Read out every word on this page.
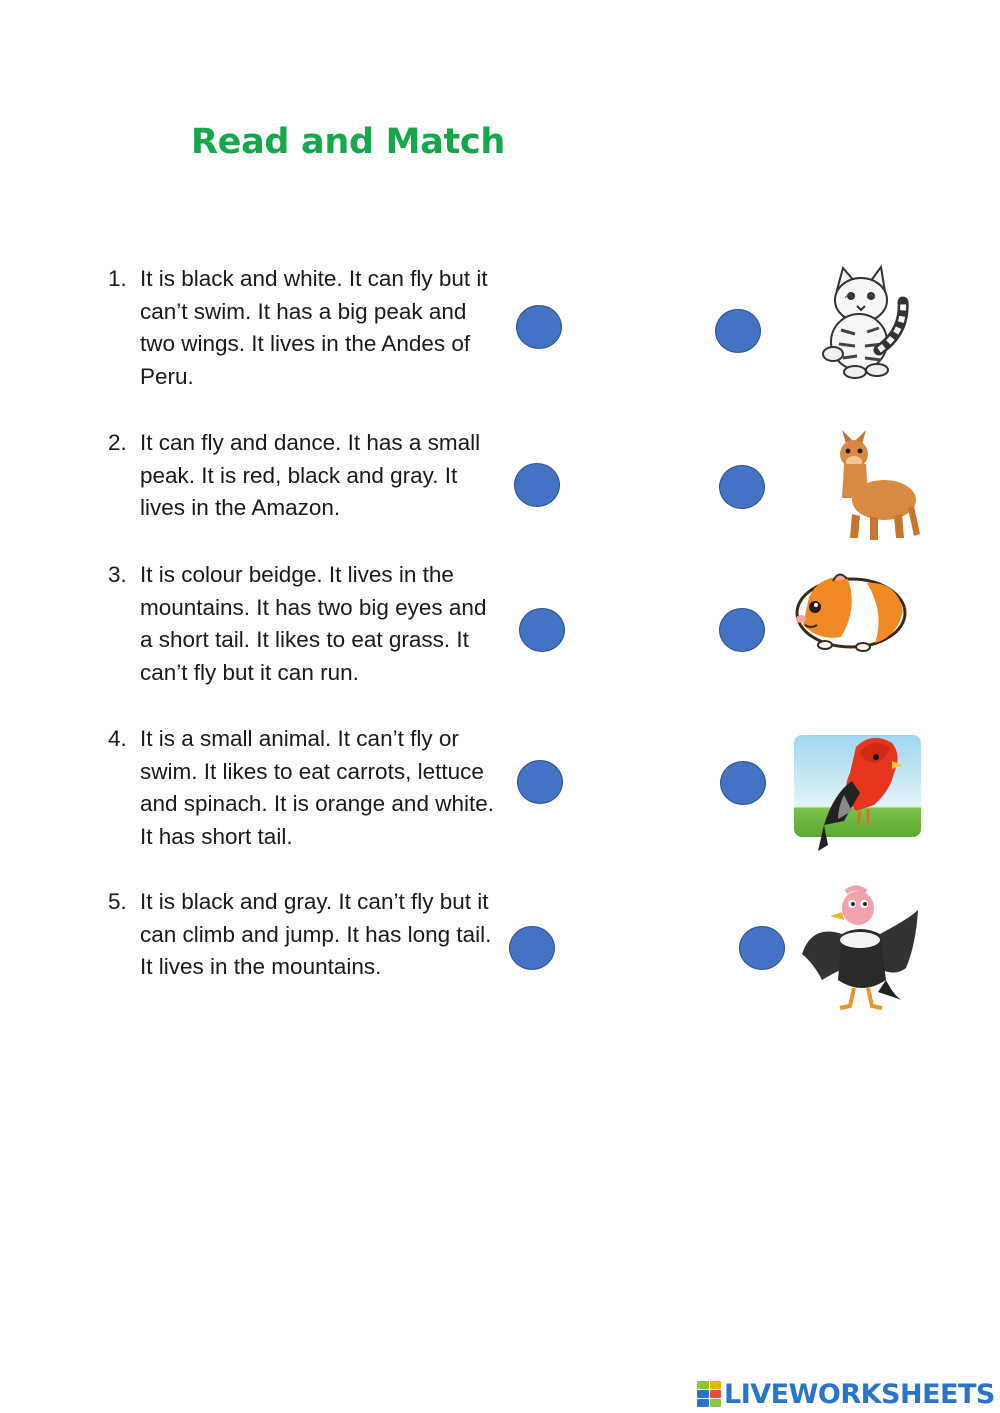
Read and Match
1. It is black and white. It can fly but it can’t swim. It has a big peak and two wings. It lives in the Andes of Peru.
2. It can fly and dance. It has a small peak. It is red, black and gray. It lives in the Amazon.
3. It is colour beidge. It lives in the mountains. It has two big eyes and a short tail. It likes to eat grass. It can’t fly but it can run.
4. It is a small animal. It can’t fly or swim. It likes to eat carrots, lettuce and spinach. It is orange and white. It has short tail.
5. It is black and gray. It can’t fly but it can climb and jump. It has long tail. It lives in the mountains.
LIVEWORKSHEETS
